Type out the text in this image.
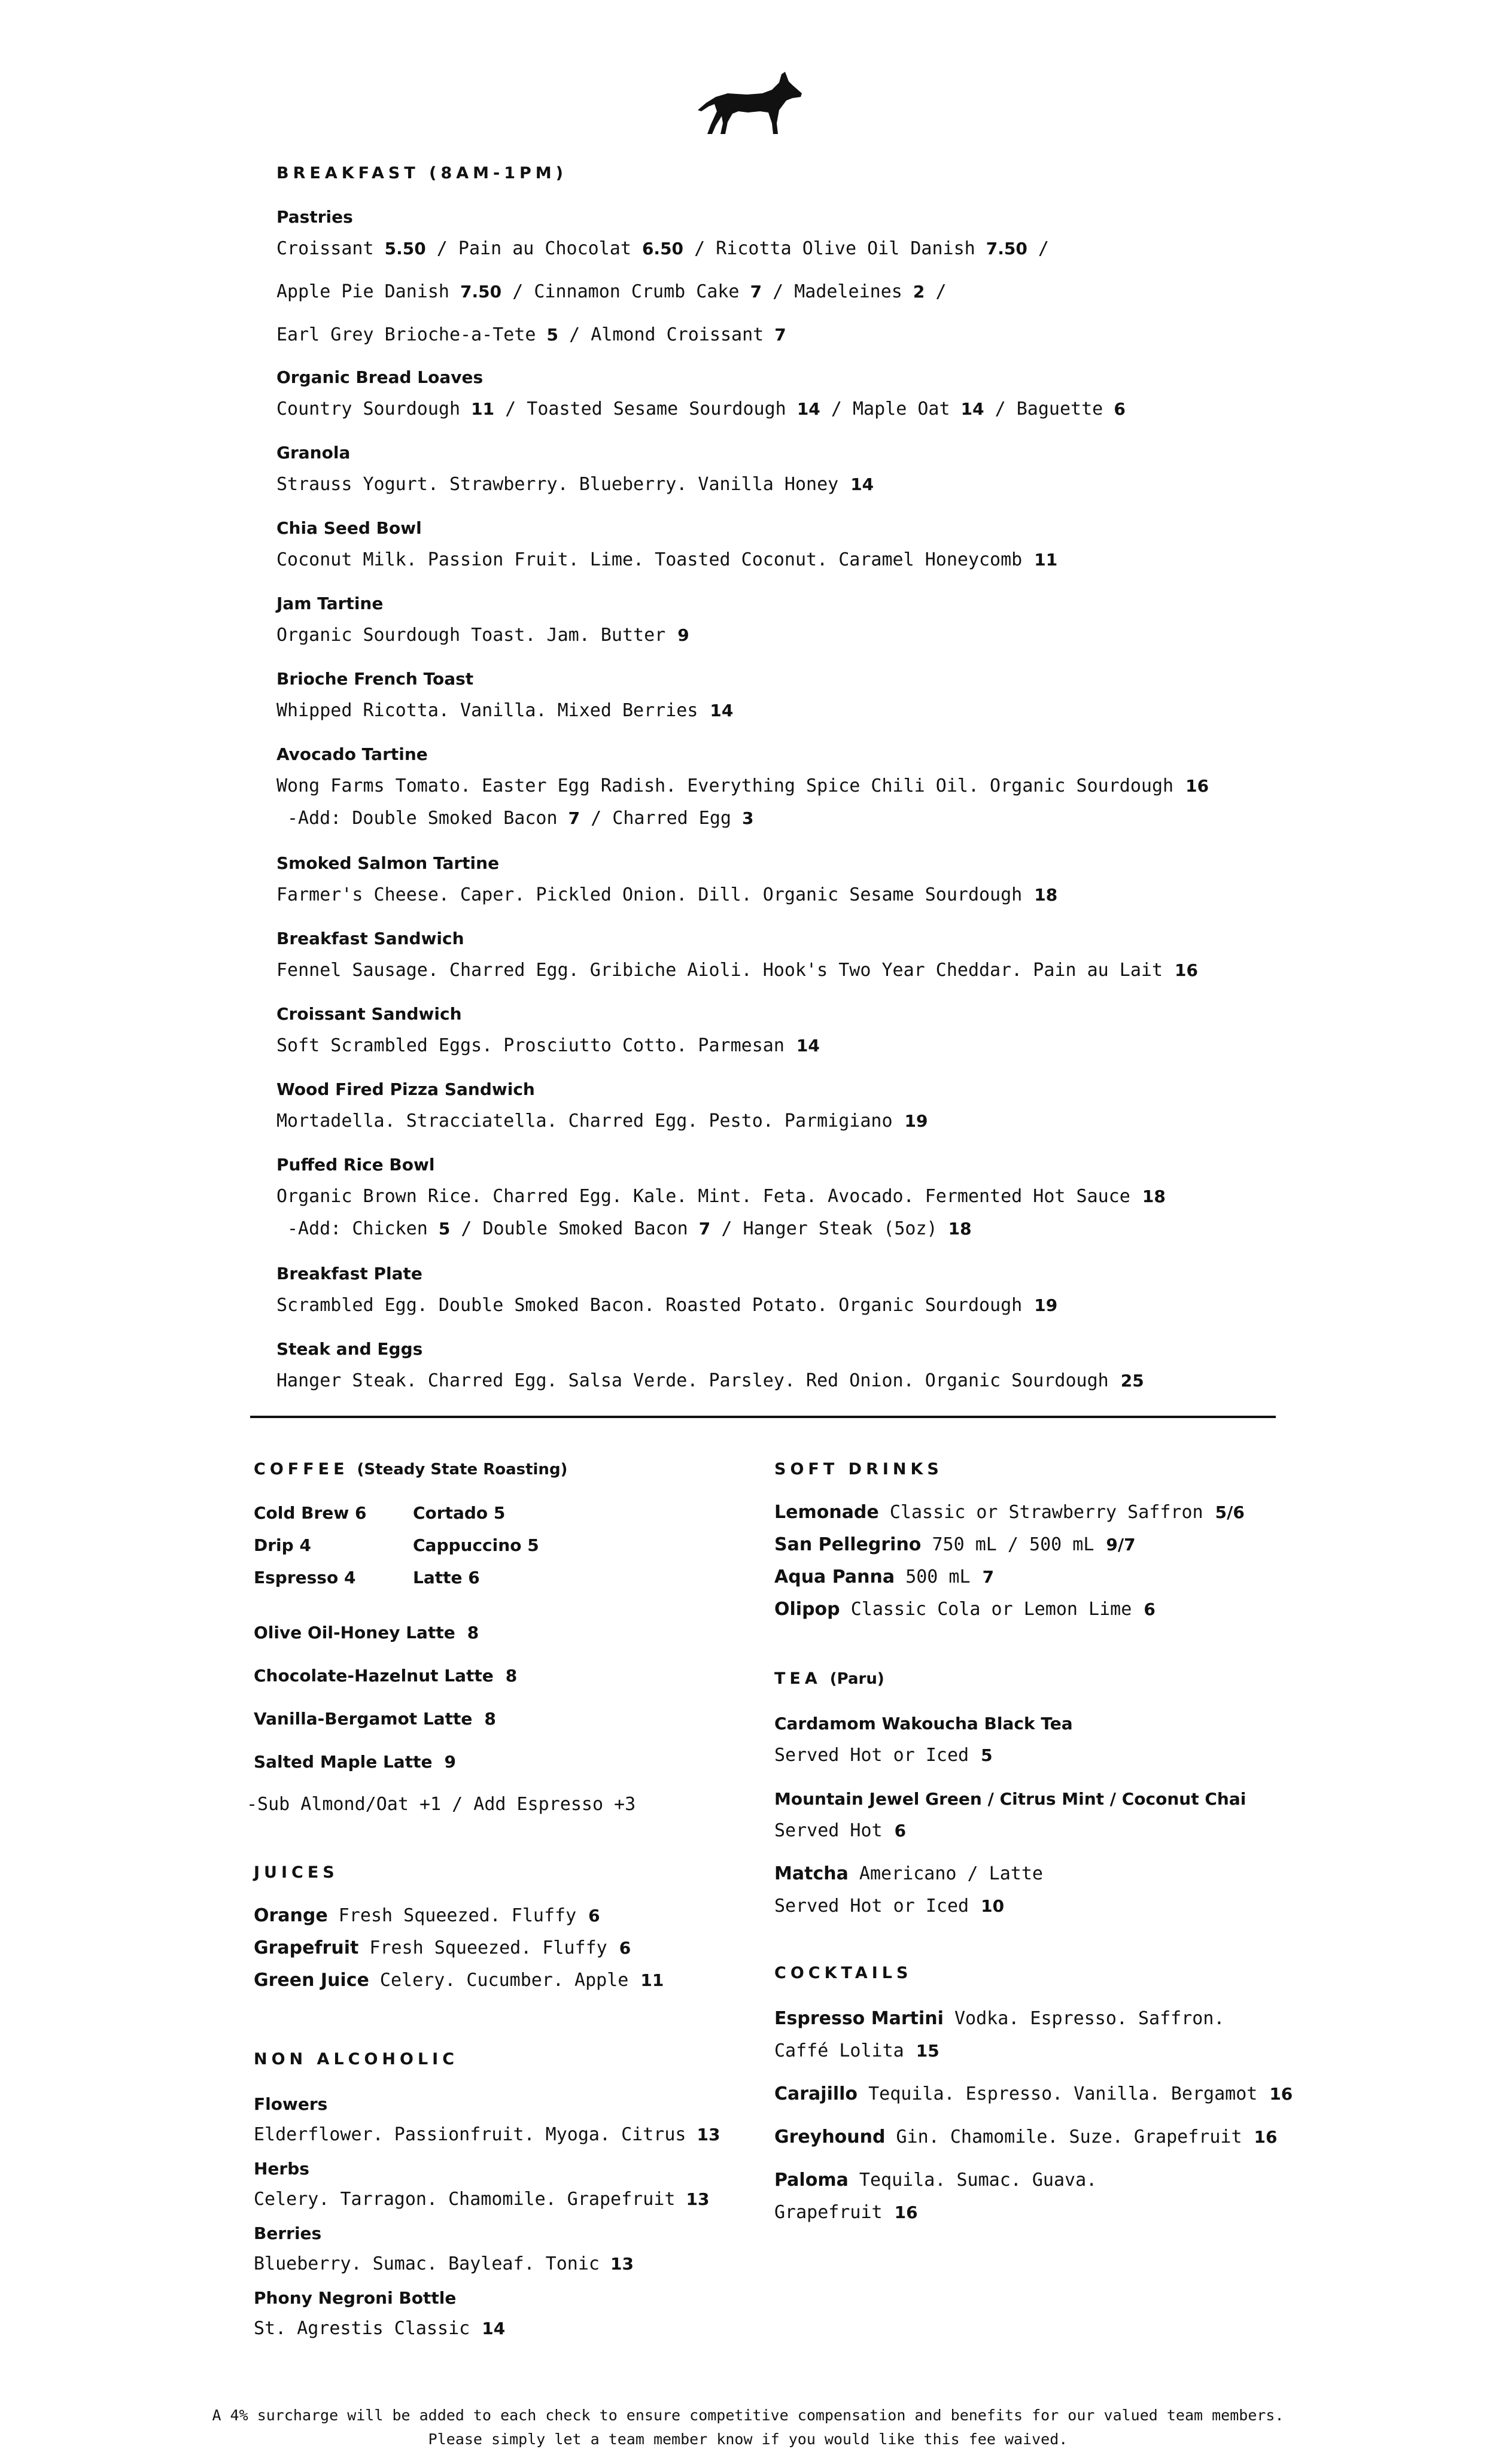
BREAKFAST (8AM-1PM)
Pastries
Croissant 5.50 / Pain au Chocolat 6.50 / Ricotta Olive Oil Danish 7.50 /
Apple Pie Danish 7.50 / Cinnamon Crumb Cake 7 / Madeleines 2 /
Earl Grey Brioche-a-Tete 5 / Almond Croissant 7
Organic Bread Loaves
Country Sourdough 11 / Toasted Sesame Sourdough 14 / Maple Oat 14 / Baguette 6
Granola
Strauss Yogurt. Strawberry. Blueberry. Vanilla Honey 14
Chia Seed Bowl
Coconut Milk. Passion Fruit. Lime. Toasted Coconut. Caramel Honeycomb 11
Jam Tartine
Organic Sourdough Toast. Jam. Butter 9
Brioche French Toast
Whipped Ricotta. Vanilla. Mixed Berries 14
Avocado Tartine
Wong Farms Tomato. Easter Egg Radish. Everything Spice Chili Oil. Organic Sourdough 16
-Add: Double Smoked Bacon 7 / Charred Egg 3
Smoked Salmon Tartine
Farmer's Cheese. Caper. Pickled Onion. Dill. Organic Sesame Sourdough 18
Breakfast Sandwich
Fennel Sausage. Charred Egg. Gribiche Aioli. Hook's Two Year Cheddar. Pain au Lait 16
Croissant Sandwich
Soft Scrambled Eggs. Prosciutto Cotto. Parmesan 14
Wood Fired Pizza Sandwich
Mortadella. Stracciatella. Charred Egg. Pesto. Parmigiano 19
Puffed Rice Bowl
Organic Brown Rice. Charred Egg. Kale. Mint. Feta. Avocado. Fermented Hot Sauce 18
-Add: Chicken 5 / Double Smoked Bacon 7 / Hanger Steak (5oz) 18
Breakfast Plate
Scrambled Egg. Double Smoked Bacon. Roasted Potato. Organic Sourdough 19
Steak and Eggs
Hanger Steak. Charred Egg. Salsa Verde. Parsley. Red Onion. Organic Sourdough 25
COFFEE (Steady State Roasting)
Cold Brew 6	Cortado 5
Drip 4	Cappuccino 5
Espresso 4	Latte 6
Olive Oil-Honey Latte 8
Chocolate-Hazelnut Latte 8
Vanilla-Bergamot Latte 8
Salted Maple Latte 9
-Sub Almond/Oat +1 / Add Espresso +3
JUICES
Orange Fresh Squeezed. Fluffy 6
Grapefruit Fresh Squeezed. Fluffy 6
Green Juice Celery. Cucumber. Apple 11
NON ALCOHOLIC
Flowers
Elderflower. Passionfruit. Myoga. Citrus 13
Herbs
Celery. Tarragon. Chamomile. Grapefruit 13
Berries
Blueberry. Sumac. Bayleaf. Tonic 13
Phony Negroni Bottle
St. Agrestis Classic 14
SOFT DRINKS
Lemonade Classic or Strawberry Saffron 5/6
San Pellegrino 750 mL / 500 mL 9/7
Aqua Panna 500 mL 7
Olipop Classic Cola or Lemon Lime 6
TEA (Paru)
Cardamom Wakoucha Black Tea
Served Hot or Iced 5
Mountain Jewel Green / Citrus Mint / Coconut Chai
Served Hot 6
Matcha Americano / Latte
Served Hot or Iced 10
COCKTAILS
Espresso Martini Vodka. Espresso. Saffron.
Caffé Lolita 15
Carajillo Tequila. Espresso. Vanilla. Bergamot 16
Greyhound Gin. Chamomile. Suze. Grapefruit 16
Paloma Tequila. Sumac. Guava.
Grapefruit 16
A 4% surcharge will be added to each check to ensure competitive compensation and benefits for our valued team members.
Please simply let a team member know if you would like this fee waived.
